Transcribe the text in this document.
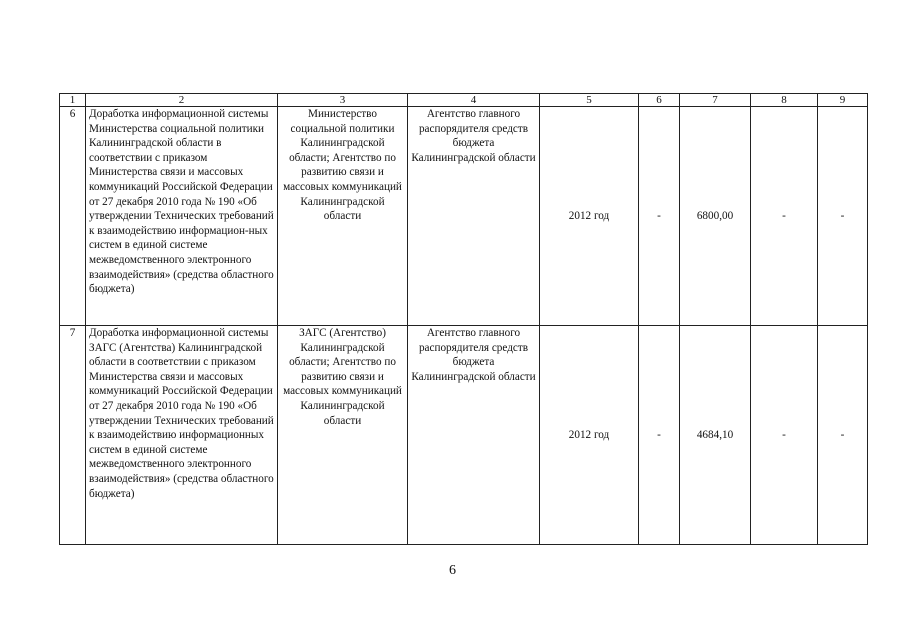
1	2	3	4	5	6	7	8	9
6	Доработка информационной системы Министерства социальной политики Калининградской области в соответствии с приказом Министерства связи и массовых коммуникаций Российской Федерации от 27 декабря 2010 года № 190 «Об утверждении Технических требований к взаимодействию информацион-ных систем в единой системе межведомственного электронного взаимодействия» (средства областного бюджета)	Министерство социальной политики Калининградской области; Агентство по развитию связи и массовых коммуникаций Калининградской области	Агентство главного распорядителя средств бюджета Калининградской области	2012 год	-	6800,00	-	-
7	Доработка информационной системы ЗАГС (Агентства) Калининградской области в соответствии с приказом Министерства связи и массовых коммуникаций Российской Федерации от 27 декабря 2010 года № 190 «Об утверждении Технических требований к взаимодействию информационных систем в единой системе межведомственного электронного взаимодействия» (средства областного бюджета)	ЗАГС (Агентство) Калининградской области; Агентство по развитию связи и массовых коммуникаций Калининградской области	Агентство главного распорядителя средств бюджета Калининградской области	2012 год	-	4684,10	-	-
6
